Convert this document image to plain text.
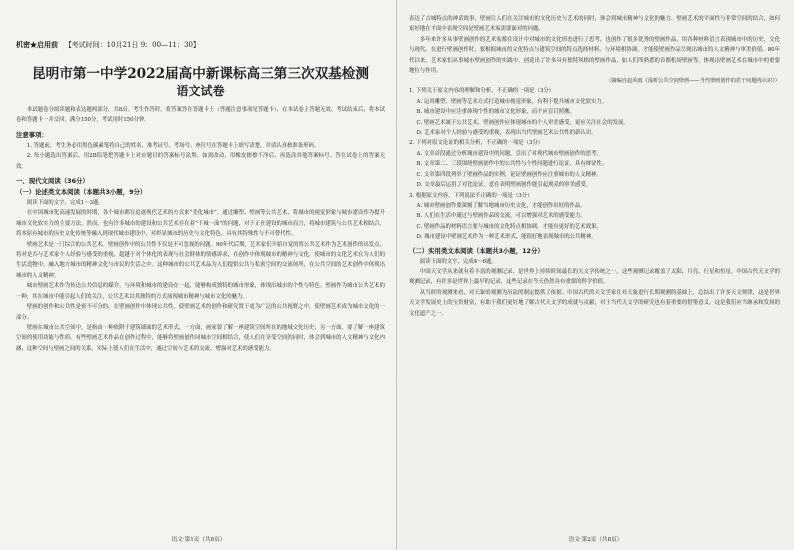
机密★启用前 【考试时间：10月21日 9：00—11：30】
昆明市第一中学2022届高中新课标高三第三次双基检测
语文试卷

本试题卷分阅读题和表达题两部分，共8页。考生作答时，将答案答在答题卡上（答题注意事项见答题卡），在本试卷上答题无效。考试结束后，将本试卷和答题卡一并交回。满分150分，考试用时150分钟。

注意事项：

1. 答题前，考生务必用黑色碳素笔将自己的姓名、准考证号、考场号、座位号在答题卡上填写清楚，并请认真核准条形码。

2. 每小题选出答案后，用2B铅笔把答题卡上对应题目的答案标号涂黑。如需改动，用橡皮擦擦干净后，再选涂其他答案标号。答在试卷上的答案无效。

一、现代文阅读（36分）

（一）论述类文本阅读（本题共3小题，9分）

阅读下面的文字，完成1～3题。

在中国城市化高速发展的时期，各个城市都在追逐现代艺术的方式来“美化城市”。通过雕塑、壁画等公共艺术，将城市的视觉形象与城市建设作为提升城市文化软实力的主要方法。然而，也有许多城市的建设和公共艺术存在着“千城一面”的问题，对于正在建设的城市而言，将城市建筑与公共艺术相结合，将本原有城市的历史文化传统等融入到现代城市建设中，对彰显城市的历史与文化特色，具有其特殊性与不可替代性。

壁画艺术是一门综合的公共艺术。壁画创作中的公共性不仅是不可忽视的问题。90年代后期，艺术家们开始自觉的将公共艺术作为艺术创作的出发点，将对是否与艺术家个人经验与感受的重视，超越于对个体化的表现与社会群体的情感诉求，在创作中体现城市的精神与文化，使城市的文化艺术在为人们的生活造物中，融入地方城市的精神文化与市民的生活之中。这种城市的公共艺术品为人们提供公共与私密空间的交流场所，在公共空间的艺术创作中体现出城市的人文精神。

城市壁画艺术作为传达公共信息的媒介，与环境和城市的建设在一起，能够构成独特的城市形象，体现出城市的个性与特色。壁画作为城市公共艺术的一种，其在城市中能引起人们的关注，公共艺术以其独特的方式展现城市精神与城市文化的魅力。

壁画的创作和公共性是密不可分的。在壁画创作中体现公共性，使壁画艺术的创作和研究置于更为广泛的公共视野之中，使壁画艺术成为城市文化的一部分。

壁画在城市公共空间中，是指由一种依附于建筑墙面的艺术形式，一方面，画家要了解一座建筑空间所在的地域文化历史；另一方面，要了解一座建筑空间的使用功能与性质。有些壁画艺术作品在创作过程中，能够将壁画创作同城市空间相结合，使人们在享受空间的同时，体会到城市的人文精神与文化内涵，这种空间与壁画之间的关系，实际上使人们在生活中，通过空间与艺术的交流，增强对艺术的感受能力。

语文·第1页（共8页）

表达了古城特点的神话故事，壁画让人们在关注城市的文化历史与艺术的同时，体会到城市精神与文化的魅力。壁画艺术的平面性与非常空间的结合，如何更好地在平面中表现空间是壁画艺术家需要面对的问题。

多年来许多从事壁画创作的艺术家都在设计中对城市的文化形态进行了思考，也创作了很多优秀的壁画作品，用各种材料语言表现城市中的历史、文化与现代。在进行壁画创作时，要根据城市的文化特点与建筑空间的特点选择材料，与环境相协调，才能使壁画作品呈现出城市的人文精神与审美价值。80年代以来，艺术家们从事城市壁画创作的实践中，创造出了许多具有独特风格的壁画作品，如人们所熟悉的首都机场壁画等，体现出壁画艺术在城市中的重要地位与作用。

（摘编自赵风雨《浅析公共空间壁画——当代壁画创作的若干问题再认识》）

1. 下列关于原文内容的理解和分析，不正确的一项是（3分）

A. 运用雕塑、壁画等艺术方式打造城市视觉形象，有利于提升城市文化软实力。

B. 城市建设中应注重体现个性的城市文化形象，而不应盲目照搬。

C. 壁画艺术属于公共艺术，壁画创作应体现城市的个人审美感受，更应关注社会的发展。

D. 艺术家对个人经验与感受的重视，表现出当代壁画艺术公共性的新认识。

2. 下列对原文论证的相关分析，不正确的一项是（3分）

A. 文章首段通过分析城市建设中的问题，引出了对现代城市壁画创作的思考。

B. 文章第二、三段围绕壁画创作中的公共性与个性问题进行论证，具有辩证性。

C. 文章第四段列举了壁画作品的实例，论证壁画创作应注重城市的人文精神。

D. 文章最后运用了对比论证，意在表明壁画创作能引起观众的审美感受。

3. 根据原文内容，下列说法不正确的一项是（3分）

A. 城市壁画创作要深刻了解当地城市历史文化，才能创作出好的作品。

B. 人们在生活中通过与壁画作品的交流，可以增强对艺术的感受能力。

C. 壁画作品的材料语言要与城市的文化特点相协调，才能有更好的艺术效果。

D. 城市建设中壁画艺术作为一种艺术形式，能很好地表现城市的公共精神。

（二）实用类文本阅读（本题共3小题，12分）

阅读下面的文字，完成4～6题。

中国天文学从来就有着丰富的观测记录，是世界上持续时间最长的天文学传统之一。这些观测记录覆盖了太阳、月亮、行星和恒星。中国古代天文学的观测记录，有许多是世界上最早的记录，这些记录在今天仍然具有重要的科学价值。

从当时的观测来看，对天象的观测为历法的制定提供了依据。中国古代的天文学家在对天象进行长期观测的基础上，总结出了许多天文规律，这是世界天文学发展史上的宝贵财富，有助于我们更好地了解古代天文学的成就与贡献，对于当代天文学的研究也有着重要的借鉴意义，这是我们应当继承和发扬的文化遗产之一。

语文·第2页（共8页）
